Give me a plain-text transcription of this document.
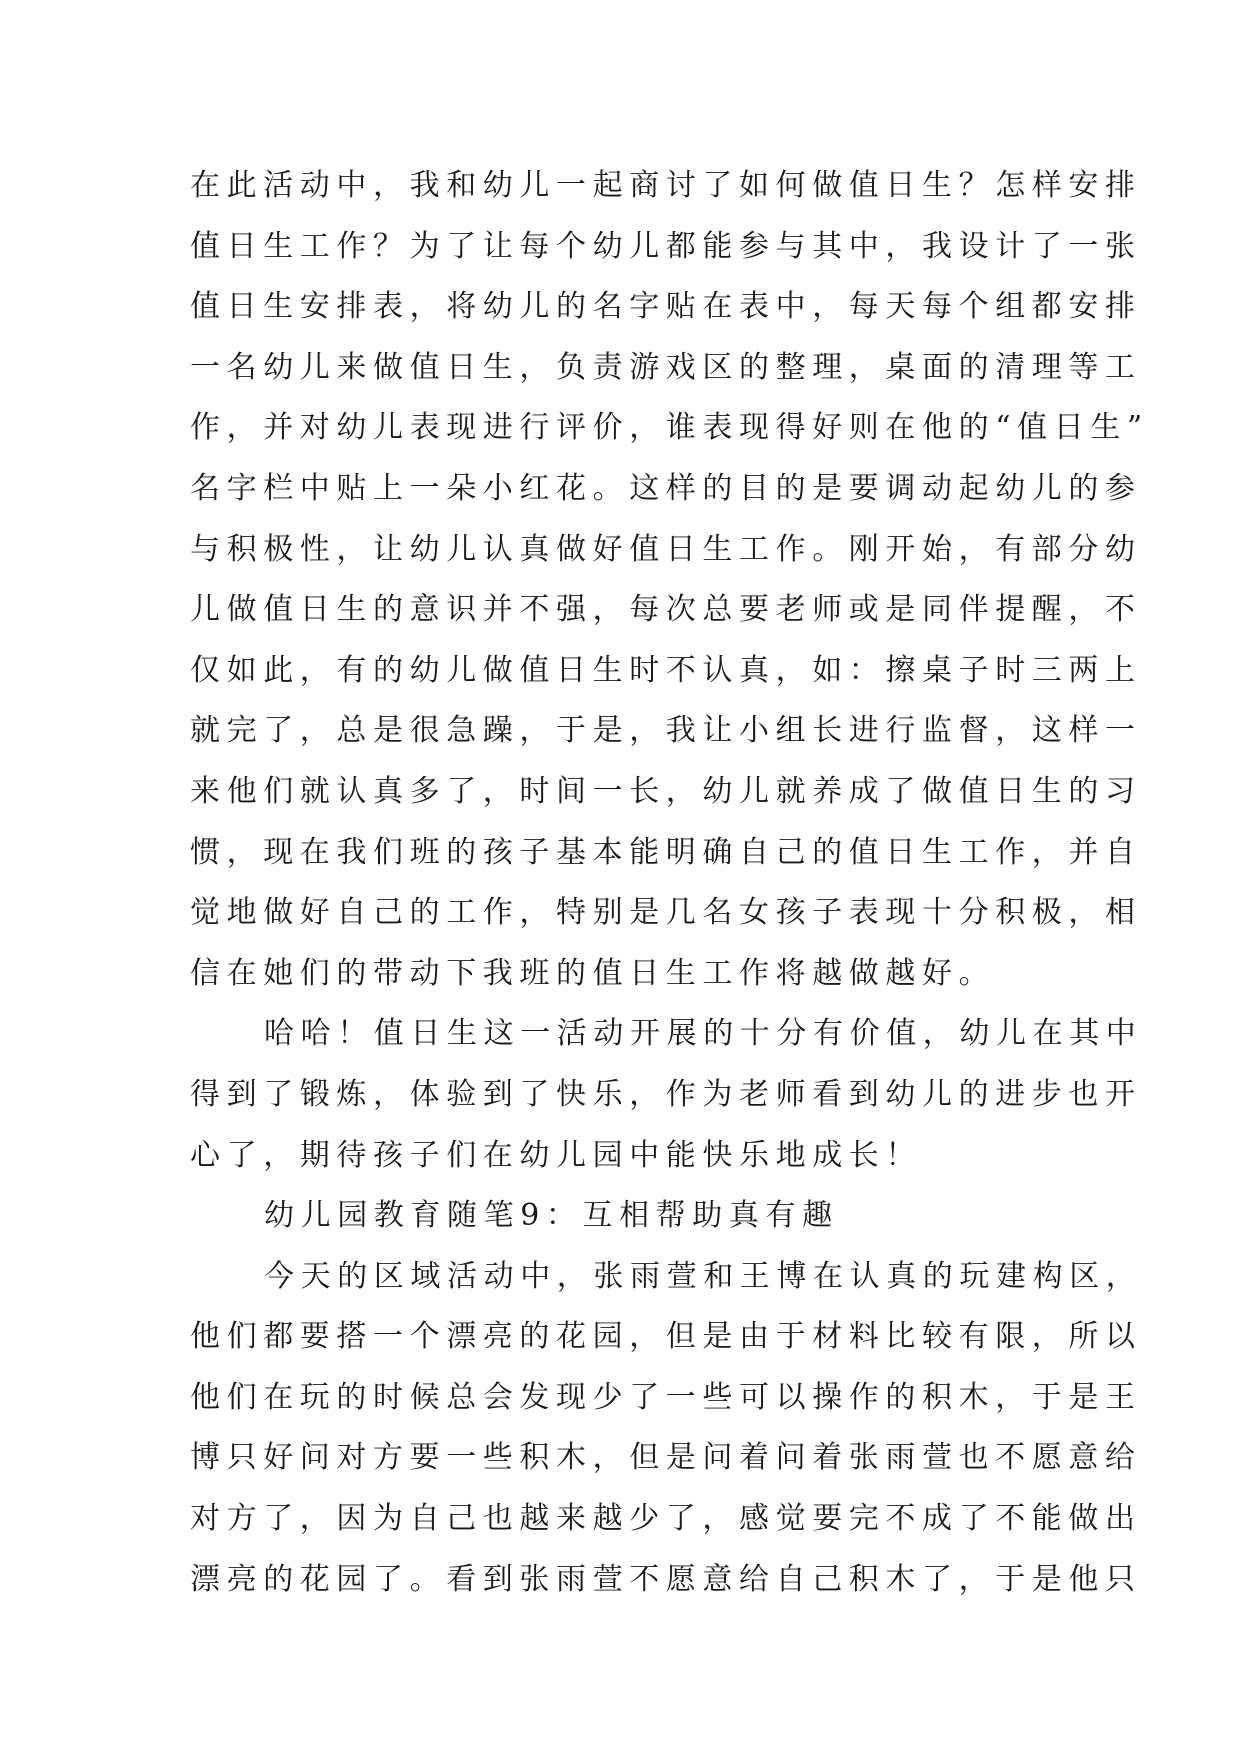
在此活动中，我和幼儿一起商讨了如何做值日生？怎样安排
值日生工作？为了让每个幼儿都能参与其中，我设计了一张
值日生安排表，将幼儿的名字贴在表中，每天每个组都安排
一名幼儿来做值日生，负责游戏区的整理，桌面的清理等工
作，并对幼儿表现进行评价，谁表现得好则在他的“值日生”
名字栏中贴上一朵小红花。这样的目的是要调动起幼儿的参
与积极性，让幼儿认真做好值日生工作。刚开始，有部分幼
儿做值日生的意识并不强，每次总要老师或是同伴提醒，不
仅如此，有的幼儿做值日生时不认真，如：擦桌子时三两上
就完了，总是很急躁，于是，我让小组长进行监督，这样一
来他们就认真多了，时间一长，幼儿就养成了做值日生的习
惯，现在我们班的孩子基本能明确自己的值日生工作，并自
觉地做好自己的工作，特别是几名女孩子表现十分积极，相
信在她们的带动下我班的值日生工作将越做越好。
哈哈！值日生这一活动开展的十分有价值，幼儿在其中
得到了锻炼，体验到了快乐，作为老师看到幼儿的进步也开
心了，期待孩子们在幼儿园中能快乐地成长！
幼儿园教育随笔9：互相帮助真有趣
今天的区域活动中，张雨萱和王博在认真的玩建构区，
他们都要搭一个漂亮的花园，但是由于材料比较有限，所以
他们在玩的时候总会发现少了一些可以操作的积木，于是王
博只好问对方要一些积木，但是问着问着张雨萱也不愿意给
对方了，因为自己也越来越少了，感觉要完不成了不能做出
漂亮的花园了。看到张雨萱不愿意给自己积木了，于是他只
